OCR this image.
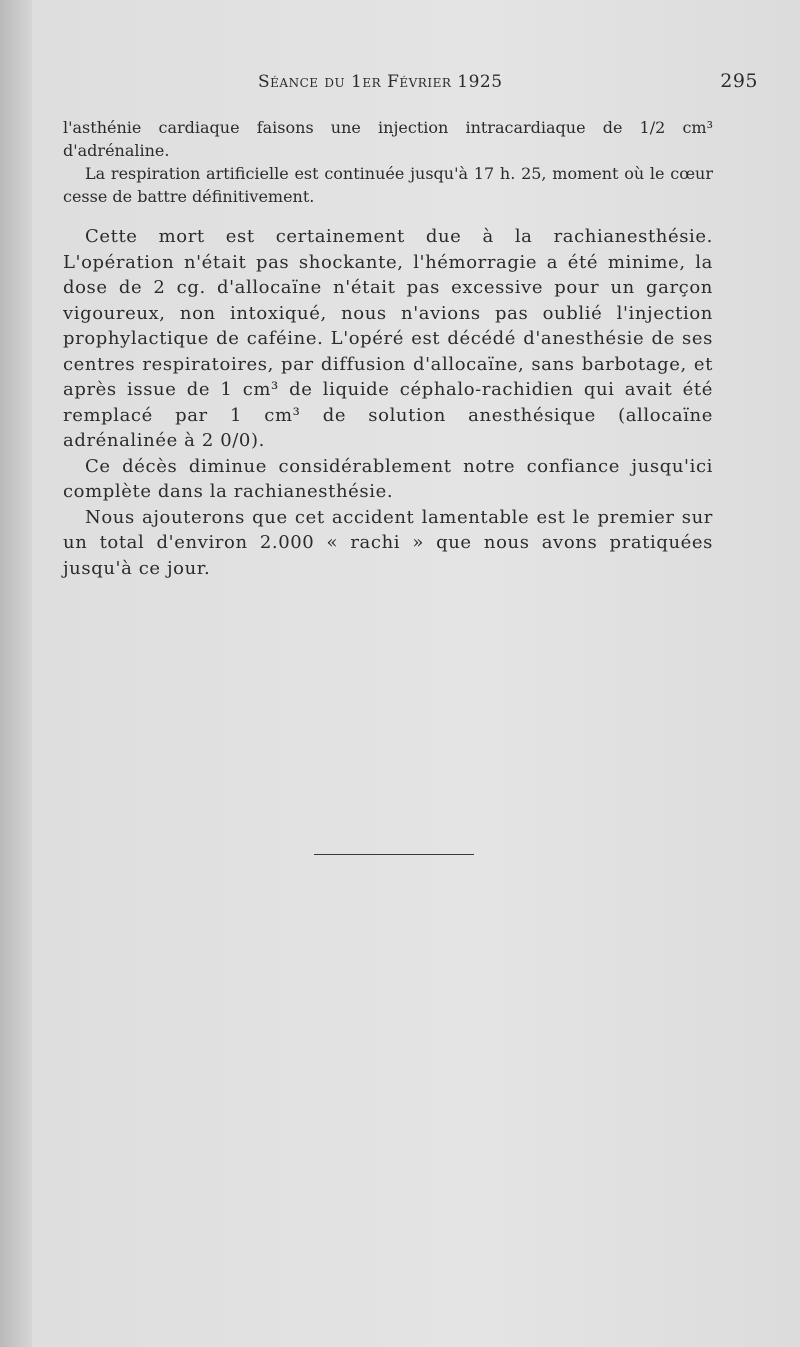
Séance du 1er Février 1925	295

l'asthénie cardiaque faisons une injection intracardiaque de 1/2 cm³ d'adrénaline.

La respiration artificielle est continuée jusqu'à 17 h. 25, moment où le cœur cesse de battre définitivement.

Cette mort est certainement due à la rachianesthésie. L'opération n'était pas shockante, l'hémorragie a été minime, la dose de 2 cg. d'allocaïne n'était pas excessive pour un garçon vigoureux, non intoxiqué, nous n'avions pas oublié l'injection prophylactique de caféine. L'opéré est décédé d'anesthésie de ses centres respiratoires, par diffusion d'allocaïne, sans barbotage, et après issue de 1 cm³ de liquide céphalo-rachidien qui avait été remplacé par 1 cm³ de solution anesthésique (allocaïne adrénalinée à 2 0/0).

Ce décès diminue considérablement notre confiance jusqu'ici complète dans la rachianesthésie.

Nous ajouterons que cet accident lamentable est le premier sur un total d'environ 2.000 « rachi » que nous avons pratiquées jusqu'à ce jour.
